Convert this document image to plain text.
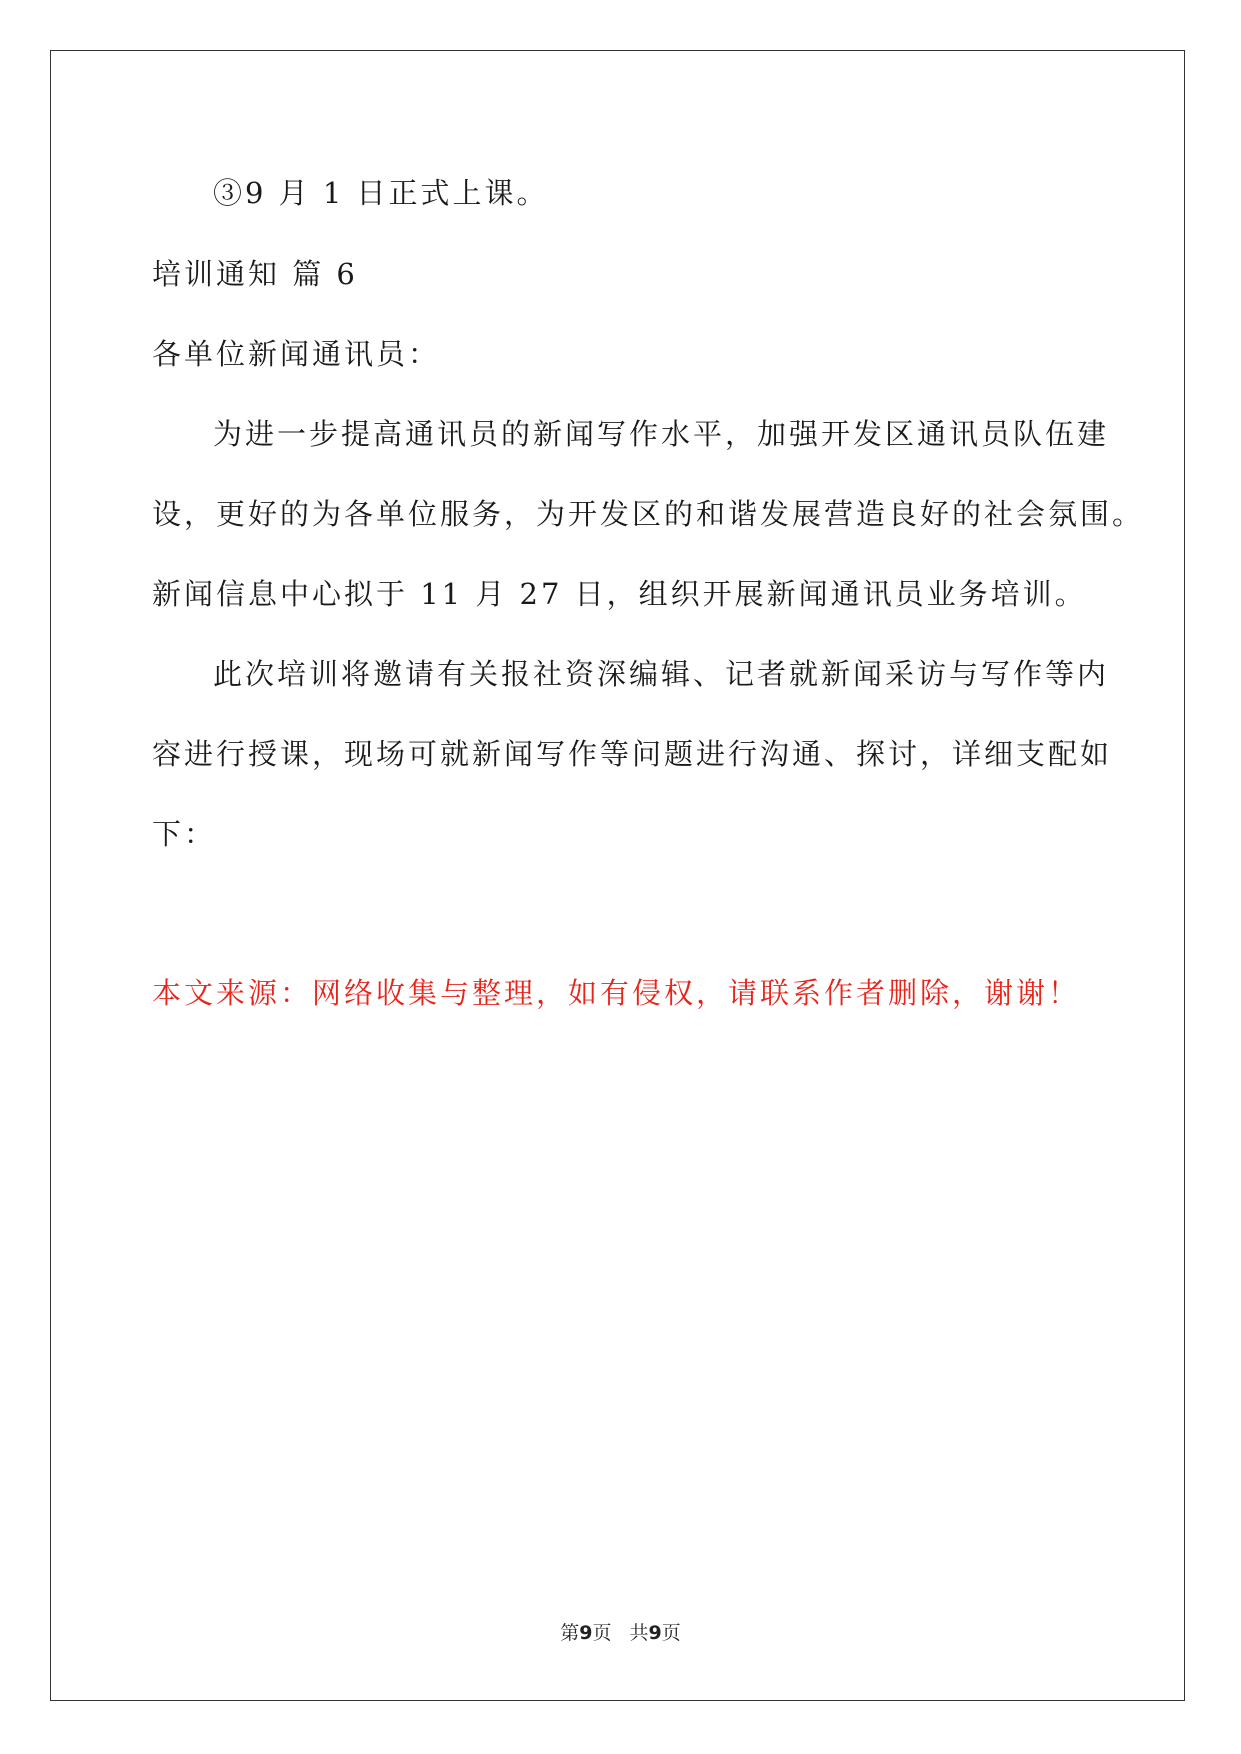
③9 月 1 日正式上课。
培训通知 篇 6
各单位新闻通讯员：
为进一步提高通讯员的新闻写作水平，加强开发区通讯员队伍建
设，更好的为各单位服务，为开发区的和谐发展营造良好的社会氛围。
新闻信息中心拟于 11 月 27 日，组织开展新闻通讯员业务培训。
此次培训将邀请有关报社资深编辑、记者就新闻采访与写作等内
容进行授课，现场可就新闻写作等问题进行沟通、探讨，详细支配如
下：
本文来源：网络收集与整理，如有侵权，请联系作者删除，谢谢！
第9页 共9页
